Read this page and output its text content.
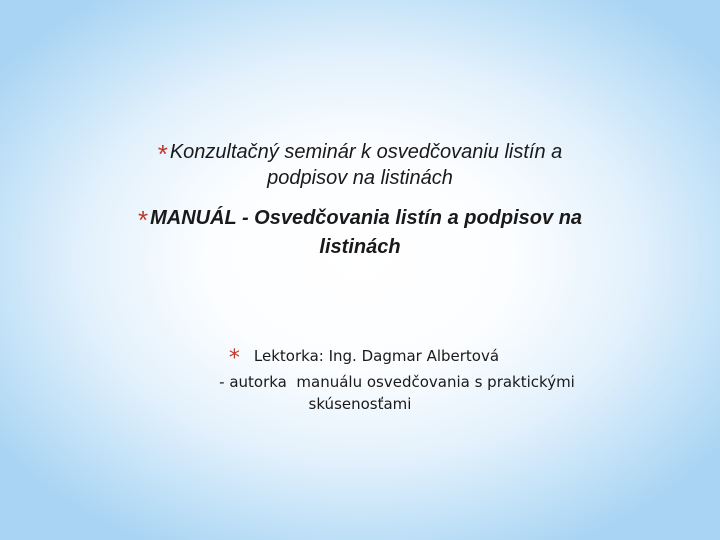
* Konzultačný seminár k osvedčovaniu listín a
podpisov na listinách
* MANUÁL - Osvedčovania listín a podpisov na
listinách
* Lektorka: Ing. Dagmar Albertová
- autorka  manuálu osvedčovania s praktickými
skúsenosťami
